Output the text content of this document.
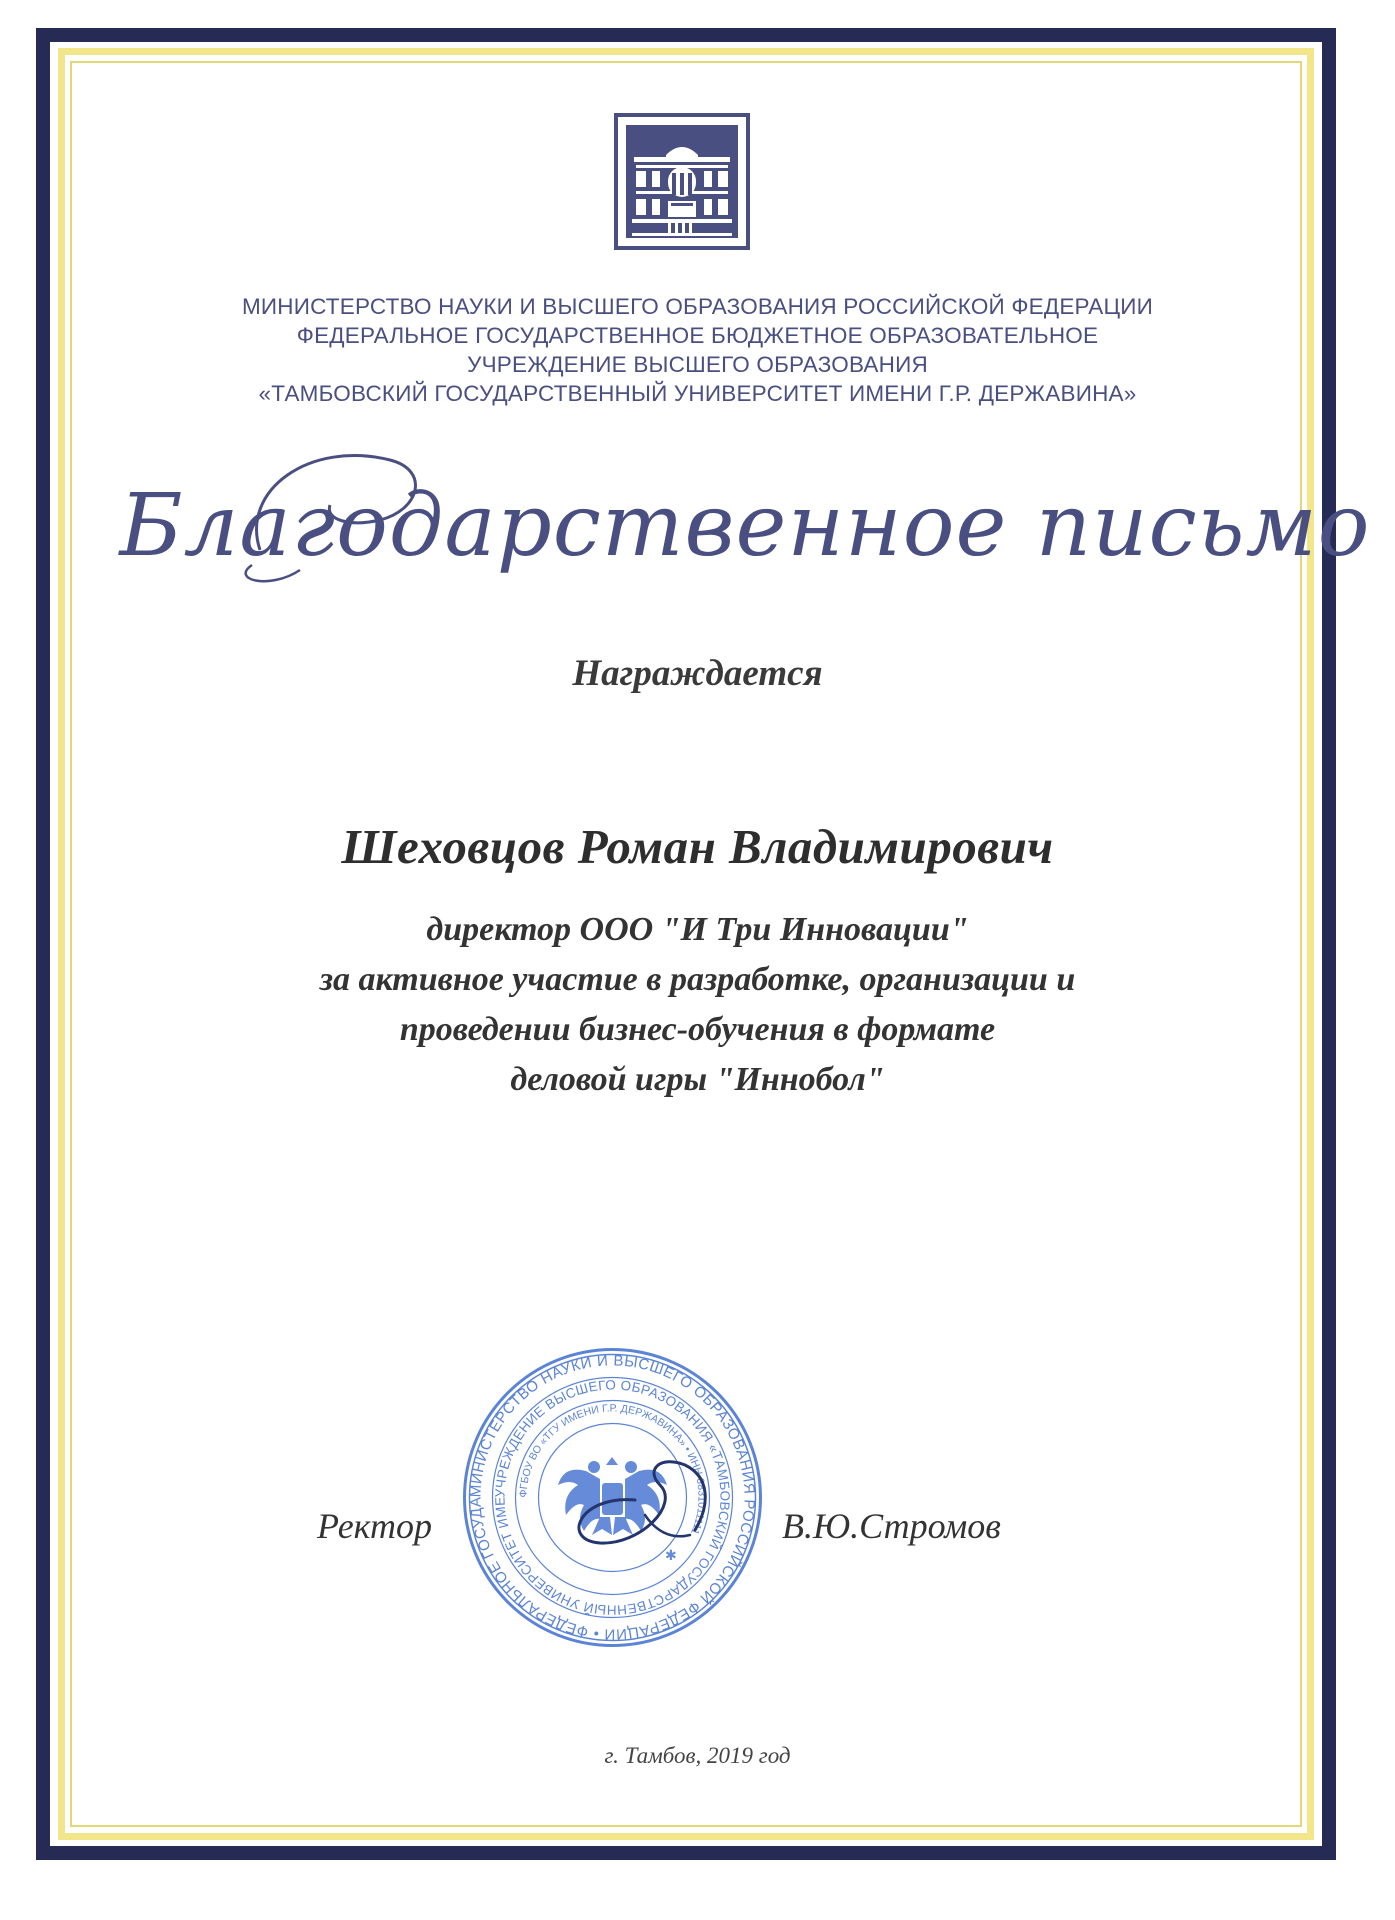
МИНИСТЕРСТВО НАУКИ И ВЫСШЕГО ОБРАЗОВАНИЯ РОССИЙСКОЙ ФЕДЕРАЦИИ
ФЕДЕРАЛЬНОЕ ГОСУДАРСТВЕННОЕ БЮДЖЕТНОЕ ОБРАЗОВАТЕЛЬНОЕ
УЧРЕЖДЕНИЕ ВЫСШЕГО ОБРАЗОВАНИЯ
«ТАМБОВСКИЙ ГОСУДАРСТВЕННЫЙ УНИВЕРСИТЕТ ИМЕНИ Г.Р. ДЕРЖАВИНА»
Благодарственное письмо
Награждается
Шеховцов Роман Владимирович
директор ООО "И Три Инновации"
за активное участие в разработке, организации и
проведении бизнес-обучения в формате
деловой игры "Иннобол"
Ректор	В.Ю.Стромов
МИНИСТЕРСТВО НАУКИ И ВЫСШЕГО ОБРАЗОВАНИЯ РОССИЙСКОЙ ФЕДЕРАЦИИ • ФЕДЕРАЛЬНОЕ ГОСУДА
УЧРЕЖДЕНИЕ ВЫСШЕГО ОБРАЗОВАНИЯ «ТАМБОВСКИЙ ГОСУДАРСТВЕННЫЙ УНИВЕРСИТЕТ ИМЕ
ФГБОУ ВО «ТГУ ИМЕНИ Г.Р. ДЕРЖАВИНА» • ИНН 6831011111
✱
г. Тамбов, 2019 год
